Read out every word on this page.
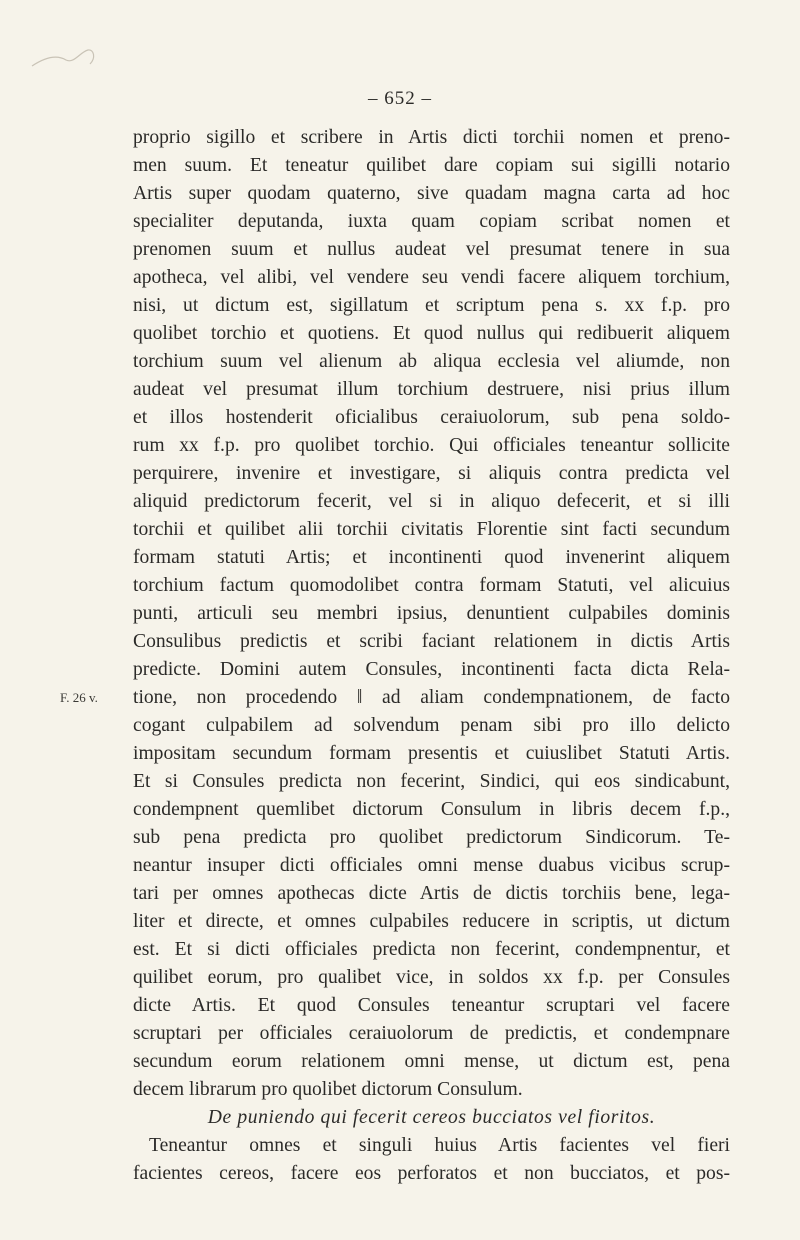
– 652 –
F. 26 v.
proprio sigillo et scribere in Artis dicti torchii nomen et preno-
men suum. Et teneatur quilibet dare copiam sui sigilli notario
Artis super quodam quaterno, sive quadam magna carta ad hoc
specialiter deputanda, iuxta quam copiam scribat nomen et
prenomen suum et nullus audeat vel presumat tenere in sua
apotheca, vel alibi, vel vendere seu vendi facere aliquem torchium,
nisi, ut dictum est, sigillatum et scriptum pena s. xx f.p. pro
quolibet torchio et quotiens. Et quod nullus qui redibuerit aliquem
torchium suum vel alienum ab aliqua ecclesia vel aliumde, non
audeat vel presumat illum torchium destruere, nisi prius illum
et illos hostenderit oficialibus ceraiuolorum, sub pena soldo-
rum xx f.p. pro quolibet torchio. Qui officiales teneantur sollicite
perquirere, invenire et investigare, si aliquis contra predicta vel
aliquid predictorum fecerit, vel si in aliquo defecerit, et si illi
torchii et quilibet alii torchii civitatis Florentie sint facti secundum
formam statuti Artis; et incontinenti quod invenerint aliquem
torchium factum quomodolibet contra formam Statuti, vel alicuius
punti, articuli seu membri ipsius, denuntient culpabiles dominis
Consulibus predictis et scribi faciant relationem in dictis Artis
predicte. Domini autem Consules, incontinenti facta dicta Rela-
tione, non procedendo ‖ ad aliam condempnationem, de facto
cogant culpabilem ad solvendum penam sibi pro illo delicto
impositam secundum formam presentis et cuiuslibet Statuti Artis.
Et si Consules predicta non fecerint, Sindici, qui eos sindicabunt,
condempnent quemlibet dictorum Consulum in libris decem f.p.,
sub pena predicta pro quolibet predictorum Sindicorum. Te-
neantur insuper dicti officiales omni mense duabus vicibus scrup-
tari per omnes apothecas dicte Artis de dictis torchiis bene, lega-
liter et directe, et omnes culpabiles reducere in scriptis, ut dictum
est. Et si dicti officiales predicta non fecerint, condempnentur, et
quilibet eorum, pro qualibet vice, in soldos xx f.p. per Consules
dicte Artis. Et quod Consules teneantur scruptari vel facere
scruptari per officiales ceraiuolorum de predictis, et condempnare
secundum eorum relationem omni mense, ut dictum est, pena
decem librarum pro quolibet dictorum Consulum.
De puniendo qui fecerit cereos bucciatos vel fioritos.
Teneantur omnes et singuli huius Artis facientes vel fieri
facientes cereos, facere eos perforatos et non bucciatos, et pos-
